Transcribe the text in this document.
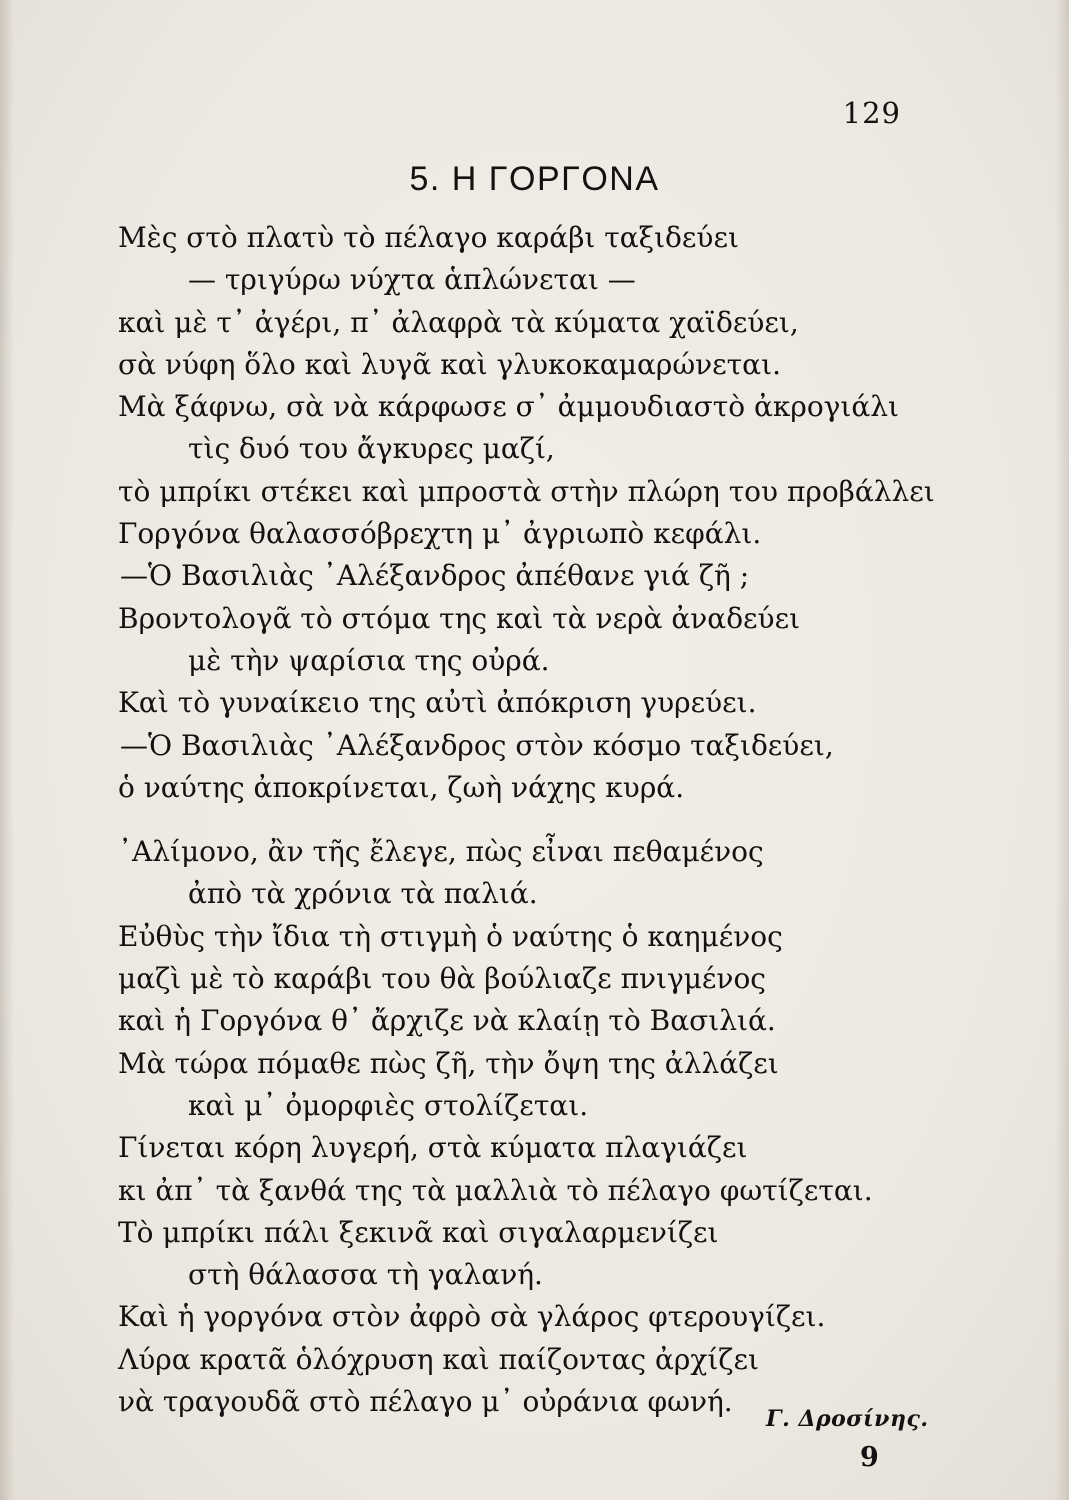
129
5. Η ΓΟΡΓΟΝΑ
Μὲς στὸ πλατὺ τὸ πέλαγο καράβι ταξιδεύει
— τριγύρω νύχτα ἁπλώνεται —
καὶ μὲ τ᾿ ἀγέρι, π᾿ ἀλαφρὰ τὰ κύματα χαϊδεύει,
σὰ νύφη ὅλο καὶ λυγᾶ καὶ γλυκοκαμαρώνεται.
Μὰ ξάφνω, σὰ νὰ κάρφωσε σ᾿ ἀμμουδιαστὸ ἀκρογιάλι
τὶς δυό του ἄγκυρες μαζί,
τὸ μπρίκι στέκει καὶ μπροστὰ στὴν πλώρη του προβάλλει
Γοργόνα θαλασσόβρεχτη μ᾿ ἀγριωπὸ κεφάλι.
—Ὁ Βασιλιὰς ᾿Αλέξανδρος ἀπέθανε γιά ζῆ ;
Βροντολογᾶ τὸ στόμα της καὶ τὰ νερὰ ἀναδεύει
μὲ τὴν ψαρίσια της οὐρά.
Καὶ τὸ γυναίκειο της αὐτὶ ἀπόκριση γυρεύει.
—Ὁ Βασιλιὰς ᾿Αλέξανδρος στὸν κόσμο ταξιδεύει,
ὁ ναύτης ἀποκρίνεται, ζωὴ νάχης κυρά.
᾿Αλίμονο, ἂν τῆς ἔλεγε, πὼς εἶναι πεθαμένος
ἀπὸ τὰ χρόνια τὰ παλιά.
Εὐθὺς τὴν ἴδια τὴ στιγμὴ ὁ ναύτης ὁ καημένος
μαζὶ μὲ τὸ καράβι του θὰ βούλιαζε πνιγμένος
καὶ ἡ Γοργόνα θ᾿ ἄρχιζε νὰ κλαίῃ τὸ Βασιλιά.
Μὰ τώρα πόμαθε πὼς ζῆ, τὴν ὄψη της ἀλλάζει
καὶ μ᾿ ὀμορφιὲς στολίζεται.
Γίνεται κόρη λυγερή, στὰ κύματα πλαγιάζει
κι ἀπ᾿ τὰ ξανθά της τὰ μαλλιὰ τὸ πέλαγο φωτίζεται.
Τὸ μπρίκι πάλι ξεκινᾶ καὶ σιγαλαρμενίζει
στὴ θάλασσα τὴ γαλανή.
Καὶ ἡ γοργόνα στὸν ἀφρὸ σὰ γλάρος φτερουγίζει.
Λύρα κρατᾶ ὁλόχρυση καὶ παίζοντας ἀρχίζει
νὰ τραγουδᾶ στὸ πέλαγο μ᾿ οὐράνια φωνή.
Γ. Δροσίνης.
9
